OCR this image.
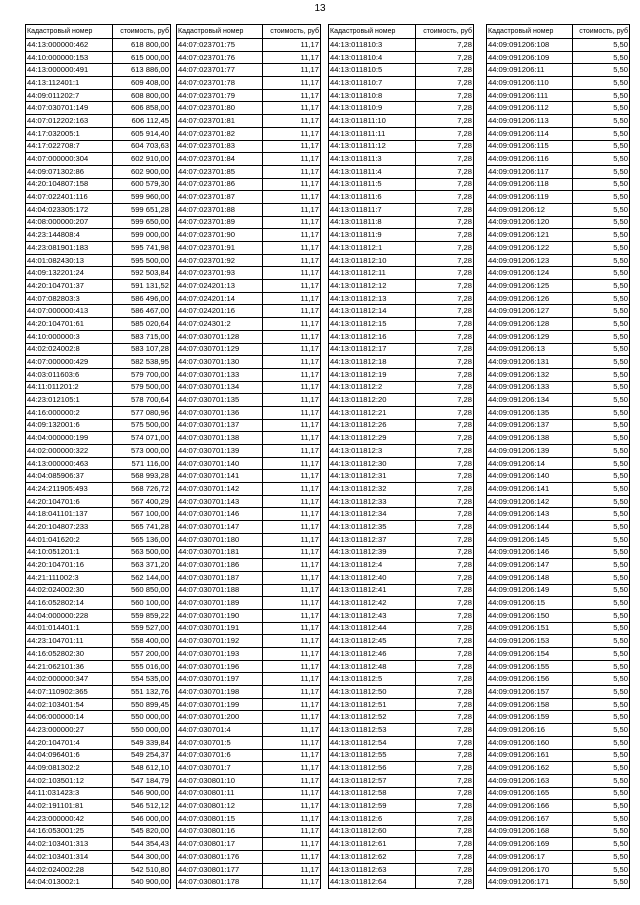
13
Кадастровый номер	стоимость, руб
44:13:000000:462	618 800,00
44:10:000000:153	615 000,00
44:13:000000:491	613 886,00
44:13:112401:1	609 408,00
44:09:011202:7	608 800,00
44:07:030701:149	606 858,00
44:07:012202:163	606 112,45
44:17:032005:1	605 914,40
44:17:022708:7	604 703,63
44:07:000000:304	602 910,00
44:09:071302:86	602 900,00
44:20:104807:158	600 579,30
44:07:022401:116	599 960,00
44:04:023305:172	599 651,28
44:08:000000:207	599 650,00
44:23:144808:4	599 000,00
44:23:081901:183	595 741,98
44:01:082430:13	595 500,00
44:09:132201:24	592 503,84
44:20:104701:37	591 131,52
44:07:082803:3	586 496,00
44:07:000000:413	586 467,00
44:20:104701:61	585 020,64
44:10:000000:3	583 715,00
44:02:024002:8	583 107,28
44:07:000000:429	582 538,95
44:03:011603:6	579 700,00
44:11:011201:2	579 500,00
44:23:012105:1	578 700,64
44:16:000000:2	577 080,96
44:09:132001:6	575 500,00
44:04:000000:199	574 071,00
44:02:000000:322	573 000,00
44:13:000000:463	571 116,00
44:04:085906:37	568 993,28
44:24:211905:493	568 726,72
44:20:104701:6	567 400,29
44:18:041101:137	567 100,00
44:20:104807:233	565 741,28
44:01:041620:2	565 136,00
44:10:051201:1	563 500,00
44:20:104701:16	563 371,20
44:21:111002:3	562 144,00
44:02:024002:30	560 850,00
44:16:052802:14	560 100,00
44:04:000000:228	559 859,22
44:01:014401:1	559 527,00
44:23:104701:11	558 400,00
44:16:052802:30	557 200,00
44:21:062101:36	555 016,00
44:02:000000:347	554 535,00
44:07:110902:365	551 132,76
44:02:103401:54	550 899,45
44:06:000000:14	550 000,00
44:23:000000:27	550 000,00
44:20:104701:4	549 339,84
44:04:096401:6	549 254,37
44:09:081302:2	548 612,10
44:02:103501:12	547 184,79
44:11:031423:3	546 900,00
44:02:191101:81	546 512,12
44:23:000000:42	546 000,00
44:16:053001:25	545 820,00
44:02:103401:313	544 354,43
44:02:103401:314	544 300,00
44:02:024002:28	542 510,80
44:04:013002:1	540 900,00
Кадастровый номер	стоимость, руб
44:07:023701:75	11,17
44:07:023701:76	11,17
44:07:023701:77	11,17
44:07:023701:78	11,17
44:07:023701:79	11,17
44:07:023701:80	11,17
44:07:023701:81	11,17
44:07:023701:82	11,17
44:07:023701:83	11,17
44:07:023701:84	11,17
44:07:023701:85	11,17
44:07:023701:86	11,17
44:07:023701:87	11,17
44:07:023701:88	11,17
44:07:023701:89	11,17
44:07:023701:90	11,17
44:07:023701:91	11,17
44:07:023701:92	11,17
44:07:023701:93	11,17
44:07:024201:13	11,17
44:07:024201:14	11,17
44:07:024201:16	11,17
44:07:024301:2	11,17
44:07:030701:128	11,17
44:07:030701:129	11,17
44:07:030701:130	11,17
44:07:030701:133	11,17
44:07:030701:134	11,17
44:07:030701:135	11,17
44:07:030701:136	11,17
44:07:030701:137	11,17
44:07:030701:138	11,17
44:07:030701:139	11,17
44:07:030701:140	11,17
44:07:030701:141	11,17
44:07:030701:142	11,17
44:07:030701:143	11,17
44:07:030701:146	11,17
44:07:030701:147	11,17
44:07:030701:180	11,17
44:07:030701:181	11,17
44:07:030701:186	11,17
44:07:030701:187	11,17
44:07:030701:188	11,17
44:07:030701:189	11,17
44:07:030701:190	11,17
44:07:030701:191	11,17
44:07:030701:192	11,17
44:07:030701:193	11,17
44:07:030701:196	11,17
44:07:030701:197	11,17
44:07:030701:198	11,17
44:07:030701:199	11,17
44:07:030701:200	11,17
44:07:030701:4	11,17
44:07:030701:5	11,17
44:07:030701:6	11,17
44:07:030701:7	11,17
44:07:030801:10	11,17
44:07:030801:11	11,17
44:07:030801:12	11,17
44:07:030801:15	11,17
44:07:030801:16	11,17
44:07:030801:17	11,17
44:07:030801:176	11,17
44:07:030801:177	11,17
44:07:030801:178	11,17
Кадастровый номер	стоимость, руб
44:13:011810:3	7,28
44:13:011810:4	7,28
44:13:011810:5	7,28
44:13:011810:7	7,28
44:13:011810:8	7,28
44:13:011810:9	7,28
44:13:011811:10	7,28
44:13:011811:11	7,28
44:13:011811:12	7,28
44:13:011811:3	7,28
44:13:011811:4	7,28
44:13:011811:5	7,28
44:13:011811:6	7,28
44:13:011811:7	7,28
44:13:011811:8	7,28
44:13:011811:9	7,28
44:13:011812:1	7,28
44:13:011812:10	7,28
44:13:011812:11	7,28
44:13:011812:12	7,28
44:13:011812:13	7,28
44:13:011812:14	7,28
44:13:011812:15	7,28
44:13:011812:16	7,28
44:13:011812:17	7,28
44:13:011812:18	7,28
44:13:011812:19	7,28
44:13:011812:2	7,28
44:13:011812:20	7,28
44:13:011812:21	7,28
44:13:011812:26	7,28
44:13:011812:29	7,28
44:13:011812:3	7,28
44:13:011812:30	7,28
44:13:011812:31	7,28
44:13:011812:32	7,28
44:13:011812:33	7,28
44:13:011812:34	7,28
44:13:011812:35	7,28
44:13:011812:37	7,28
44:13:011812:39	7,28
44:13:011812:4	7,28
44:13:011812:40	7,28
44:13:011812:41	7,28
44:13:011812:42	7,28
44:13:011812:43	7,28
44:13:011812:44	7,28
44:13:011812:45	7,28
44:13:011812:46	7,28
44:13:011812:48	7,28
44:13:011812:5	7,28
44:13:011812:50	7,28
44:13:011812:51	7,28
44:13:011812:52	7,28
44:13:011812:53	7,28
44:13:011812:54	7,28
44:13:011812:55	7,28
44:13:011812:56	7,28
44:13:011812:57	7,28
44:13:011812:58	7,28
44:13:011812:59	7,28
44:13:011812:6	7,28
44:13:011812:60	7,28
44:13:011812:61	7,28
44:13:011812:62	7,28
44:13:011812:63	7,28
44:13:011812:64	7,28
Кадастровый номер	стоимость, руб
44:09:091206:108	5,50
44:09:091206:109	5,50
44:09:091206:11	5,50
44:09:091206:110	5,50
44:09:091206:111	5,50
44:09:091206:112	5,50
44:09:091206:113	5,50
44:09:091206:114	5,50
44:09:091206:115	5,50
44:09:091206:116	5,50
44:09:091206:117	5,50
44:09:091206:118	5,50
44:09:091206:119	5,50
44:09:091206:12	5,50
44:09:091206:120	5,50
44:09:091206:121	5,50
44:09:091206:122	5,50
44:09:091206:123	5,50
44:09:091206:124	5,50
44:09:091206:125	5,50
44:09:091206:126	5,50
44:09:091206:127	5,50
44:09:091206:128	5,50
44:09:091206:129	5,50
44:09:091206:13	5,50
44:09:091206:131	5,50
44:09:091206:132	5,50
44:09:091206:133	5,50
44:09:091206:134	5,50
44:09:091206:135	5,50
44:09:091206:137	5,50
44:09:091206:138	5,50
44:09:091206:139	5,50
44:09:091206:14	5,50
44:09:091206:140	5,50
44:09:091206:141	5,50
44:09:091206:142	5,50
44:09:091206:143	5,50
44:09:091206:144	5,50
44:09:091206:145	5,50
44:09:091206:146	5,50
44:09:091206:147	5,50
44:09:091206:148	5,50
44:09:091206:149	5,50
44:09:091206:15	5,50
44:09:091206:150	5,50
44:09:091206:151	5,50
44:09:091206:153	5,50
44:09:091206:154	5,50
44:09:091206:155	5,50
44:09:091206:156	5,50
44:09:091206:157	5,50
44:09:091206:158	5,50
44:09:091206:159	5,50
44:09:091206:16	5,50
44:09:091206:160	5,50
44:09:091206:161	5,50
44:09:091206:162	5,50
44:09:091206:163	5,50
44:09:091206:165	5,50
44:09:091206:166	5,50
44:09:091206:167	5,50
44:09:091206:168	5,50
44:09:091206:169	5,50
44:09:091206:17	5,50
44:09:091206:170	5,50
44:09:091206:171	5,50
